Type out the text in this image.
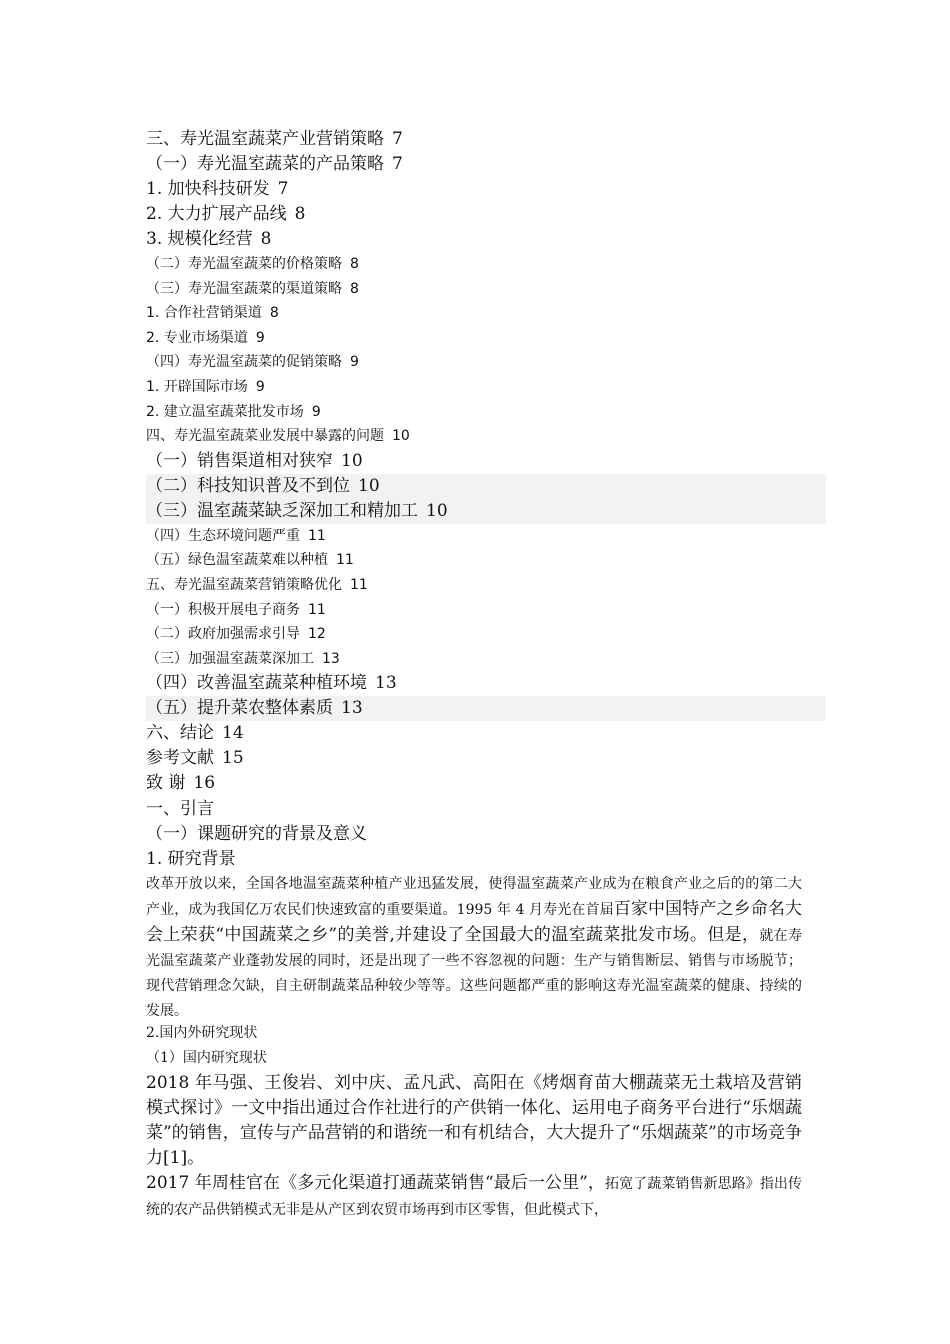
三、寿光温室蔬菜产业营销策略 7
（一）寿光温室蔬菜的产品策略 7
1. 加快科技研发 7
2. 大力扩展产品线 8
3. 规模化经营 8
（二）寿光温室蔬菜的价格策略 8
（三）寿光温室蔬菜的渠道策略 8
1. 合作社营销渠道 8
2. 专业市场渠道 9
（四）寿光温室蔬菜的促销策略 9
1. 开辟国际市场 9
2. 建立温室蔬菜批发市场 9
四、寿光温室蔬菜业发展中暴露的问题 10
（一）销售渠道相对狭窄 10
（二）科技知识普及不到位 10
（三）温室蔬菜缺乏深加工和精加工 10
（四）生态环境问题严重 11
（五）绿色温室蔬菜难以种植 11
五、寿光温室蔬菜营销策略优化 11
（一）积极开展电子商务 11
（二）政府加强需求引导 12
（三）加强温室蔬菜深加工 13
（四）改善温室蔬菜种植环境 13
（五）提升菜农整体素质 13
六、结论 14
参考文献 15
致 谢 16
一、引言
（一）课题研究的背景及意义
1. 研究背景
改革开放以来，全国各地温室蔬菜种植产业迅猛发展，使得温室蔬菜产业成为在粮食产业之后的的第二大产业，成为我国亿万农民们快速致富的重要渠道。1995 年 4 月寿光在首届百家中国特产之乡命名大会上荣获“中国蔬菜之乡”的美誉,并建设了全国最大的温室蔬菜批发市场。但是，就在寿光温室蔬菜产业蓬勃发展的同时，还是出现了一些不容忽视的问题：生产与销售断层、销售与市场脱节；现代营销理念欠缺，自主研制蔬菜品种较少等等。这些问题都严重的影响这寿光温室蔬菜的健康、持续的发展。
2.国内外研究现状
（1）国内研究现状
2018 年马强、王俊岩、刘中庆、孟凡武、高阳在《烤烟育苗大棚蔬菜无土栽培及营销模式探讨》一文中指出通过合作社进行的产供销一体化、运用电子商务平台进行“乐烟蔬菜”的销售，宣传与产品营销的和谐统一和有机结合，大大提升了“乐烟蔬菜”的市场竞争力[1]。
2017 年周桂官在《多元化渠道打通蔬菜销售“最后一公里”，拓宽了蔬菜销售新思路》指出传统的农产品供销模式无非是从产区到农贸市场再到市区零售，但此模式下，
